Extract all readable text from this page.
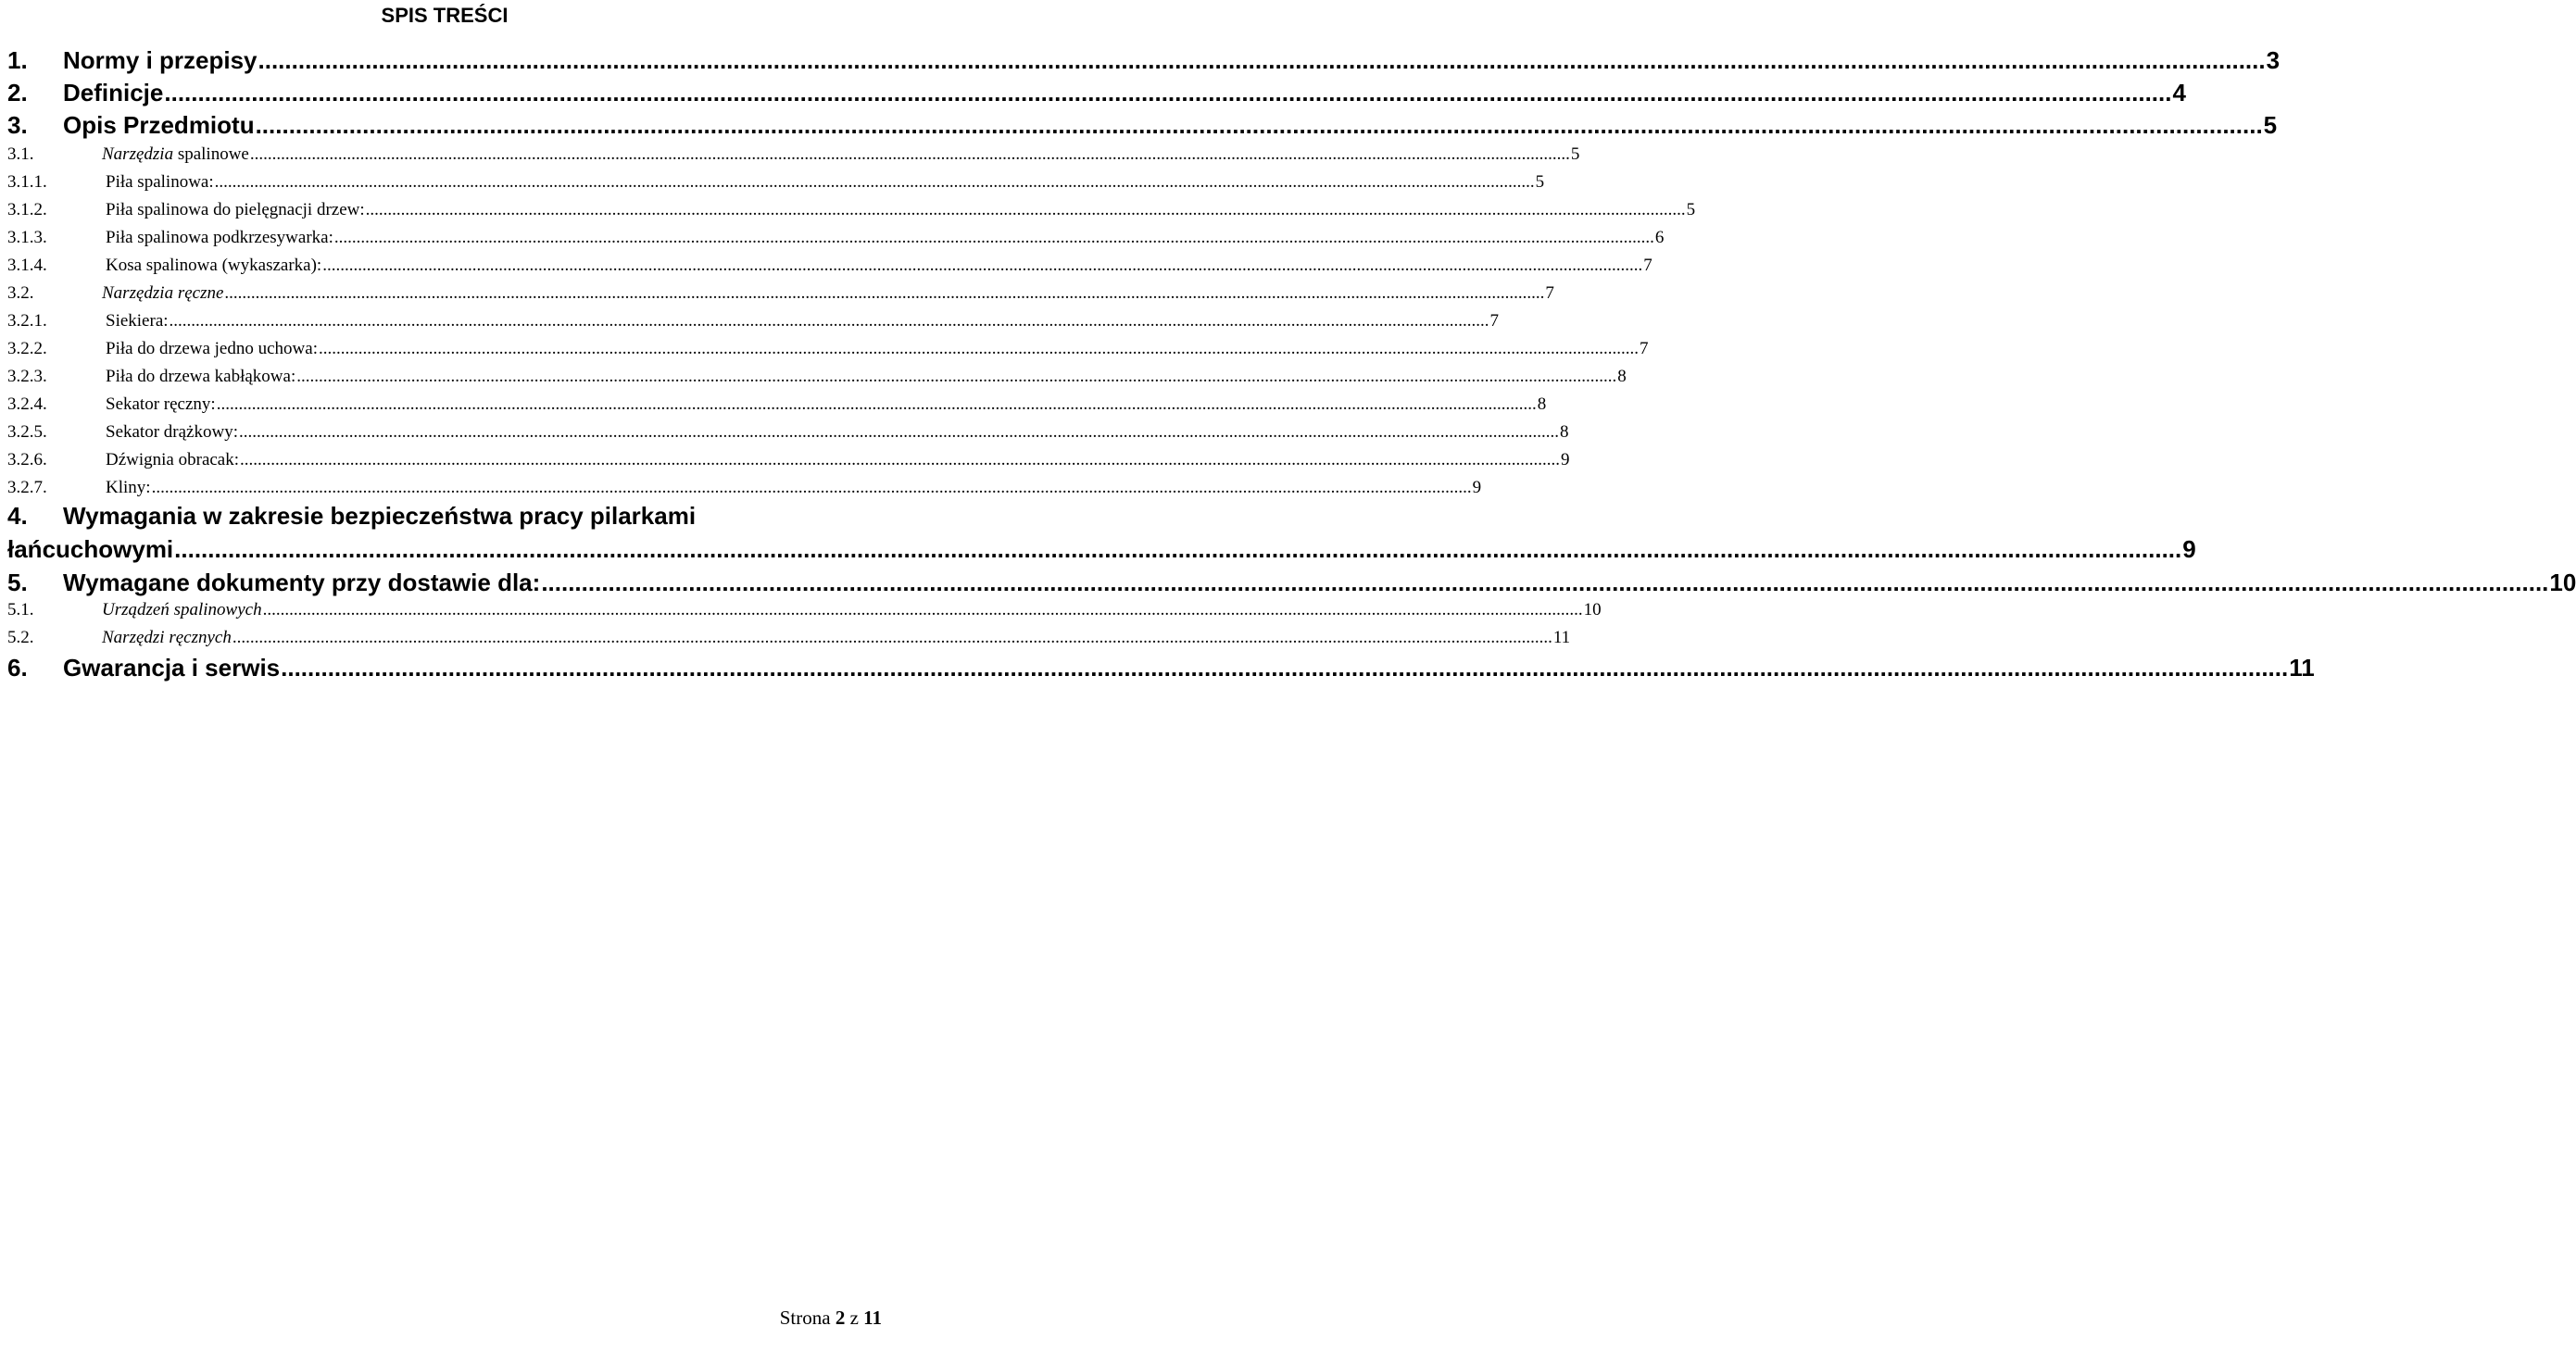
SPIS TREŚCI
1.	Normy i przepisy ............................................................................................................................................................................................................................................................................................................ 3
2.	Definicje ............................................................................................................................................................................................................................................................................................................ 4
3.	Opis Przedmiotu ............................................................................................................................................................................................................................................................................................................ 5
3.1.	Narzędzia spalinowe ............................................................................................................................................................................................................................................................................................................ 5
3.1.1.	Piła spalinowa: ............................................................................................................................................................................................................................................................................................................ 5
3.1.2.	Piła spalinowa do pielęgnacji drzew: ............................................................................................................................................................................................................................................................................................................ 5
3.1.3.	Piła spalinowa podkrzesywarka: ............................................................................................................................................................................................................................................................................................................ 6
3.1.4.	Kosa spalinowa (wykaszarka): ............................................................................................................................................................................................................................................................................................................ 7
3.2.	Narzędzia ręczne ............................................................................................................................................................................................................................................................................................................ 7
3.2.1.	Siekiera: ............................................................................................................................................................................................................................................................................................................ 7
3.2.2.	Piła do drzewa jedno uchowa: ............................................................................................................................................................................................................................................................................................................ 7
3.2.3.	Piła do drzewa kabłąkowa: ............................................................................................................................................................................................................................................................................................................ 8
3.2.4.	Sekator ręczny: ............................................................................................................................................................................................................................................................................................................ 8
3.2.5.	Sekator drążkowy: ............................................................................................................................................................................................................................................................................................................ 8
3.2.6.	Dźwignia obracak: ............................................................................................................................................................................................................................................................................................................ 9
3.2.7.	Kliny: ............................................................................................................................................................................................................................................................................................................ 9
4. Wymagania w zakresie bezpieczeństwa pracy pilarkami
łańcuchowymi ............................................................................................................................................................................................................................................................................................................ 9
5.	Wymagane dokumenty przy dostawie dla: ............................................................................................................................................................................................................................................................................................................ 10
5.1.	Urządzeń spalinowych ............................................................................................................................................................................................................................................................................................................ 10
5.2.	Narzędzi ręcznych ............................................................................................................................................................................................................................................................................................................ 11
6.	Gwarancja i serwis ............................................................................................................................................................................................................................................................................................................ 11
Strona 2 z 11
